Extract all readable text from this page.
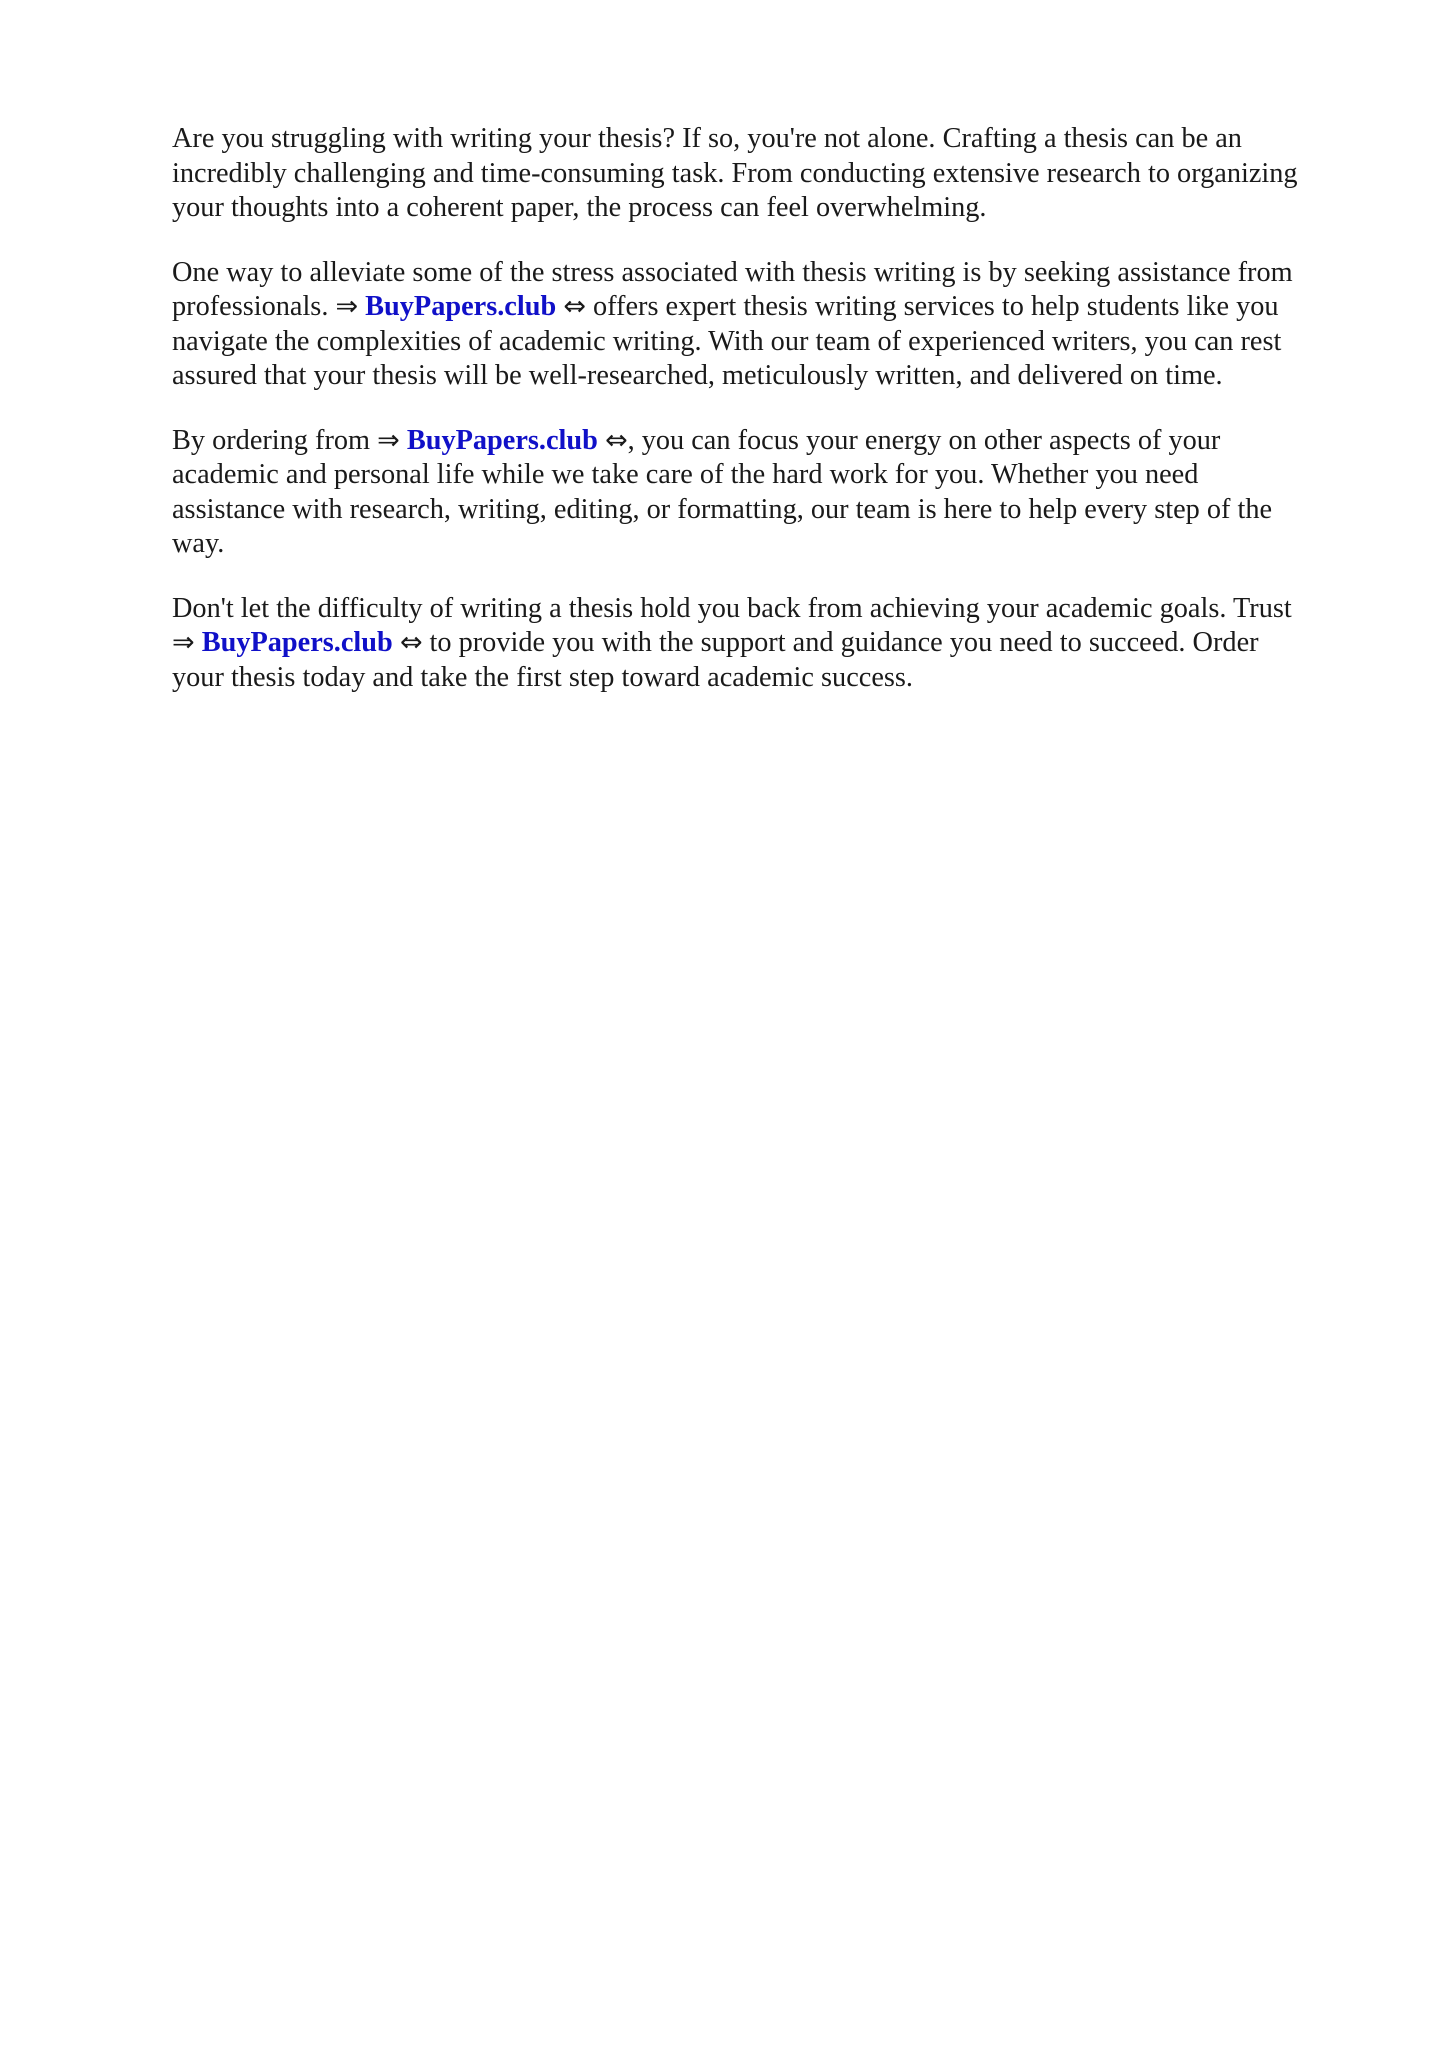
Are you struggling with writing your thesis? If so, you're not alone. Crafting a thesis can be an
incredibly challenging and time-consuming task. From conducting extensive research to organizing
your thoughts into a coherent paper, the process can feel overwhelming.

One way to alleviate some of the stress associated with thesis writing is by seeking assistance from
professionals. ⇒ BuyPapers.club ⇔ offers expert thesis writing services to help students like you
navigate the complexities of academic writing. With our team of experienced writers, you can rest
assured that your thesis will be well-researched, meticulously written, and delivered on time.

By ordering from ⇒ BuyPapers.club ⇔, you can focus your energy on other aspects of your
academic and personal life while we take care of the hard work for you. Whether you need
assistance with research, writing, editing, or formatting, our team is here to help every step of the
way.

Don't let the difficulty of writing a thesis hold you back from achieving your academic goals. Trust
⇒ BuyPapers.club ⇔ to provide you with the support and guidance you need to succeed. Order
your thesis today and take the first step toward academic success.
